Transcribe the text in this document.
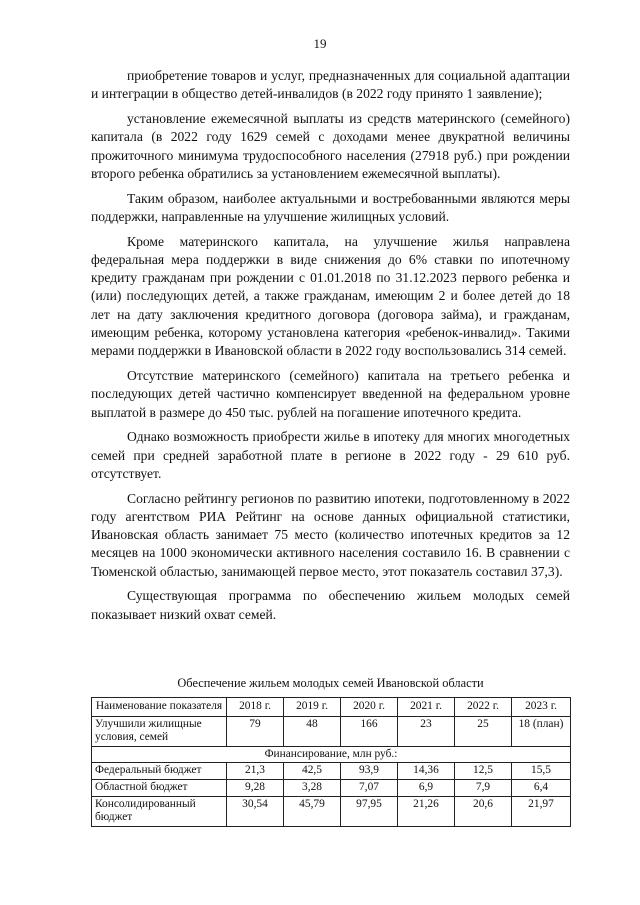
19

приобретение товаров и услуг, предназначенных для социальной адаптации и интеграции в общество детей-инвалидов (в 2022 году принято 1 заявление);

установление ежемесячной выплаты из средств материнского (семейного) капитала (в 2022 году 1629 семей с доходами менее двукратной величины прожиточного минимума трудоспособного населения (27918 руб.) при рождении второго ребенка обратились за установлением ежемесячной выплаты).

Таким образом, наиболее актуальными и востребованными являются меры поддержки, направленные на улучшение жилищных условий.

Кроме материнского капитала, на улучшение жилья направлена федеральная мера поддержки в виде снижения до 6% ставки по ипотечному кредиту гражданам при рождении с 01.01.2018 по 31.12.2023 первого ребенка и (или) последующих детей, а также гражданам, имеющим 2 и более детей до 18 лет на дату заключения кредитного договора (договора займа), и гражданам, имеющим ребенка, которому установлена категория «ребенок-инвалид». Такими мерами поддержки в Ивановской области в 2022 году воспользовались 314 семей.

Отсутствие материнского (семейного) капитала на третьего ребенка и последующих детей частично компенсирует введенной на федеральном уровне выплатой в размере до 450 тыс. рублей на погашение ипотечного кредита.

Однако возможность приобрести жилье в ипотеку для многих многодетных семей при средней заработной плате в регионе в 2022 году - 29 610 руб. отсутствует.

Согласно рейтингу регионов по развитию ипотеки, подготовленному в 2022 году агентством РИА Рейтинг на основе данных официальной статистики, Ивановская область занимает 75 место (количество ипотечных кредитов за 12 месяцев на 1000 экономически активного населения составило 16. В сравнении с Тюменской областью, занимающей первое место, этот показатель составил 37,3).

Существующая программа по обеспечению жильем молодых семей показывает низкий охват семей.

Обеспечение жильем молодых семей Ивановской области
Наименование показателя	2018 г.	2019 г.	2020 г.	2021 г.	2022 г.	2023 г.
Улучшили жилищные условия, семей	79	48	166	23	25	18 (план)
Финансирование, млн руб.:						
Федеральный бюджет	21,3	42,5	93,9	14,36	12,5	15,5
Областной бюджет	9,28	3,28	7,07	6,9	7,9	6,4
Консолидированный бюджет	30,54	45,79	97,95	21,26	20,6	21,97
